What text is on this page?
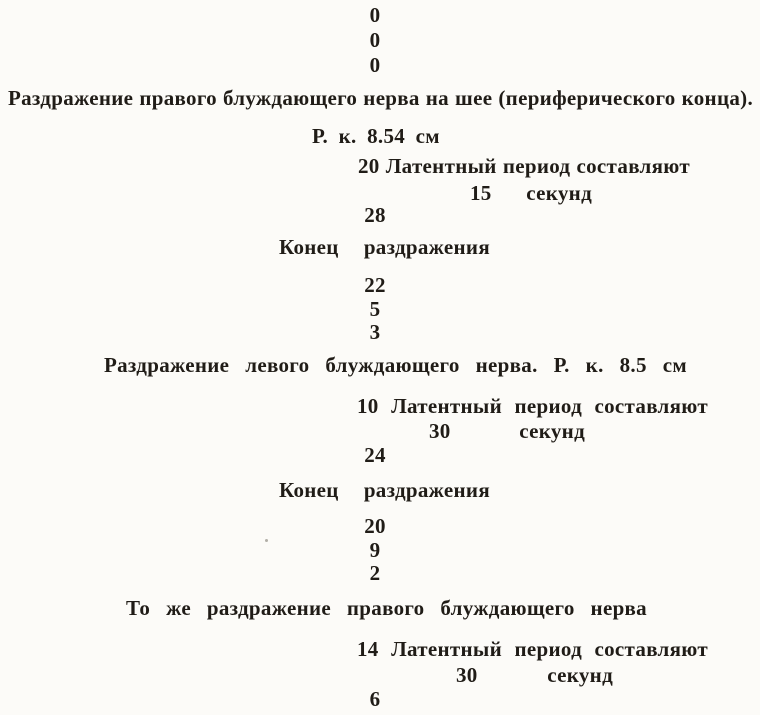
0
0
0
Раздражение правого блуждающего нерва на шее (периферического конца).
Р. к. 8.54 см
20 Латентный период составляют
15 секунд
28
Конец раздражения
22
5
3
Раздражение левого блуждающего нерва. Р. к. 8.5 см
10 Латентный период составляют
30 секунд
24
Конец раздражения
20
9
2
То же раздражение правого блуждающего нерва
14 Латентный период составляют
30 секунд
6
